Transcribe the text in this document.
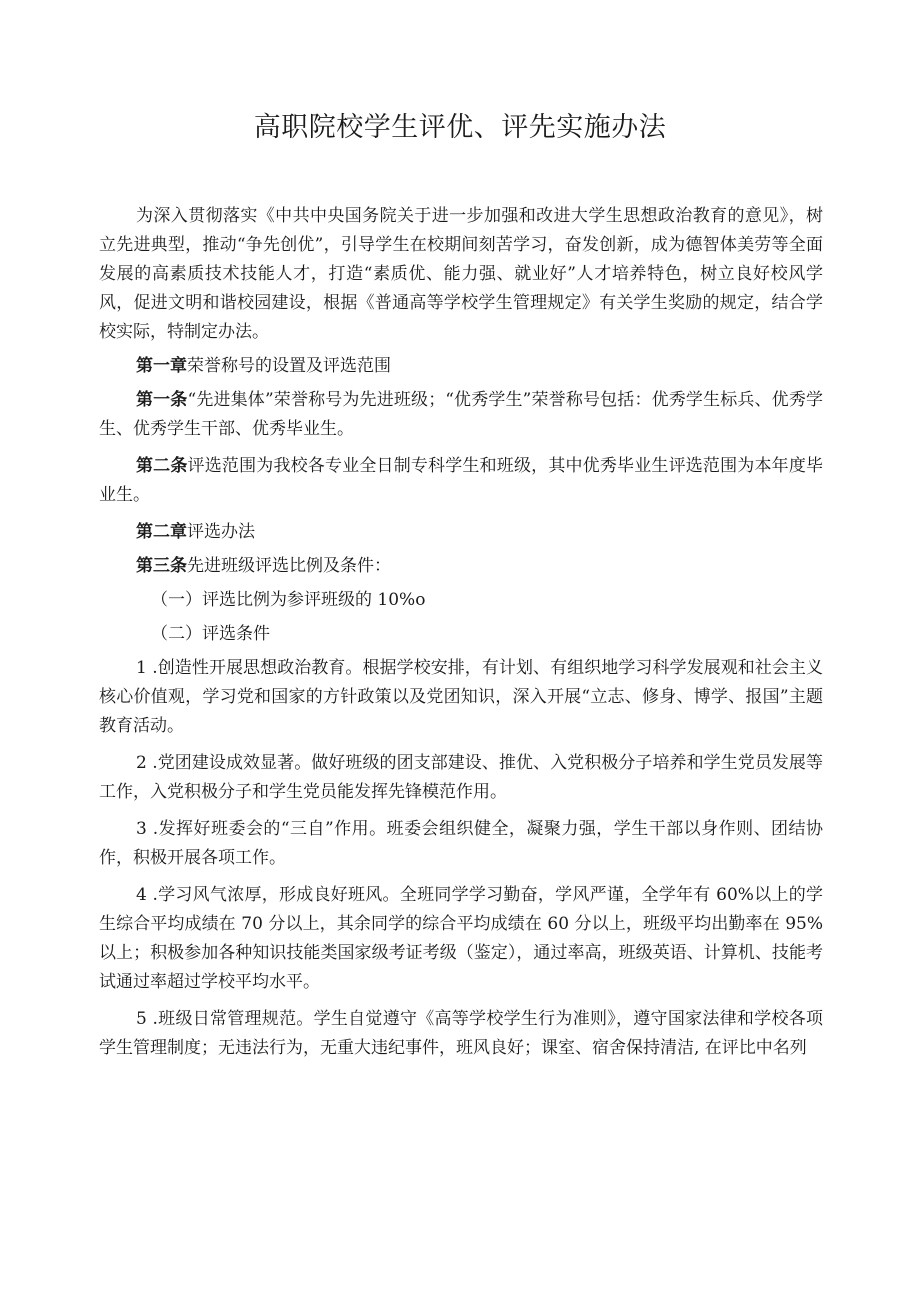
高职院校学生评优、评先实施办法

为深入贯彻落实《中共中央国务院关于进一步加强和改进大学生思想政治教育的意见》，树立先进典型，推动“争先创优”，引导学生在校期间刻苦学习，奋发创新，成为德智体美劳等全面发展的高素质技术技能人才，打造“素质优、能力强、就业好”人才培养特色，树立良好校风学风，促进文明和谐校园建设，根据《普通高等学校学生管理规定》有关学生奖励的规定，结合学校实际，特制定办法。

第一章荣誉称号的设置及评选范围

第一条“先进集体”荣誉称号为先进班级；“优秀学生”荣誉称号包括：优秀学生标兵、优秀学生、优秀学生干部、优秀毕业生。

第二条评选范围为我校各专业全日制专科学生和班级，其中优秀毕业生评选范围为本年度毕业生。

第二章评选办法

第三条先进班级评选比例及条件：

（一）评选比例为参评班级的 10%o

（二）评选条件

1 .创造性开展思想政治教育。根据学校安排，有计划、有组织地学习科学发展观和社会主义核心价值观，学习党和国家的方针政策以及党团知识，深入开展“立志、修身、博学、报国”主题教育活动。

2 .党团建设成效显著。做好班级的团支部建设、推优、入党积极分子培养和学生党员发展等工作，入党积极分子和学生党员能发挥先锋模范作用。

3 .发挥好班委会的“三自”作用。班委会组织健全，凝聚力强，学生干部以身作则、团结协作，积极开展各项工作。

4 .学习风气浓厚，形成良好班风。全班同学学习勤奋，学风严谨，全学年有 60%以上的学生综合平均成绩在 70 分以上，其余同学的综合平均成绩在 60 分以上，班级平均出勤率在 95%以上；积极参加各种知识技能类国家级考证考级（鉴定），通过率高，班级英语、计算机、技能考试通过率超过学校平均水平。

5 .班级日常管理规范。学生自觉遵守《高等学校学生行为准则》，遵守国家法律和学校各项学生管理制度；无违法行为，无重大违纪事件，班风良好；课室、宿舍保持清洁, 在评比中名列
